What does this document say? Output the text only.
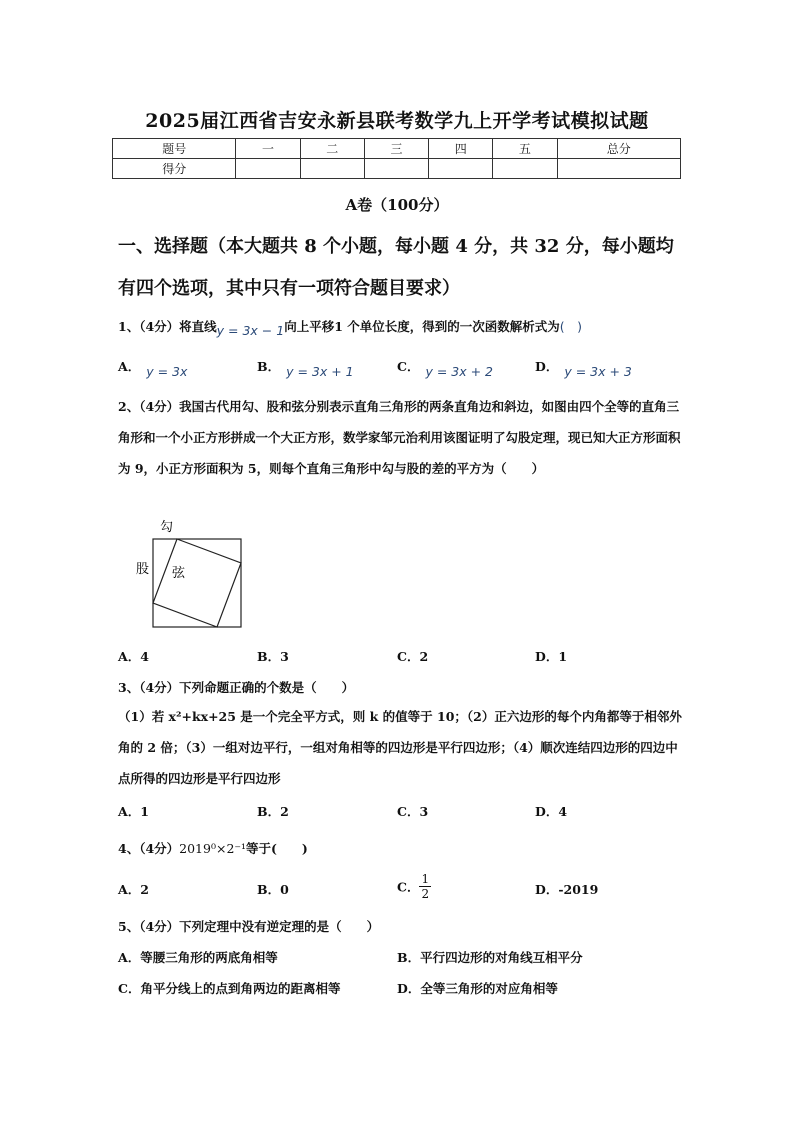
2025届江西省吉安永新县联考数学九上开学考试模拟试题
题号	一	二	三	四	五	总分
得分						
A卷（100分）
一、选择题（本大题共 8 个小题，每小题 4 分，共 32 分，每小题均
有四个选项，其中只有一项符合题目要求）
1、（4分）将直线y = 3x − 1向上平移1 个单位长度，得到的一次函数解析式为(　)
A． y = 3x	B． y = 3x + 1	C． y = 3x + 2	D． y = 3x + 3
2、（4分）我国古代用勾、股和弦分别表示直角三角形的两条直角边和斜边，如图由四个全等的直角三角形和一个小正方形拼成一个大正方形，数学家邹元治利用该图证明了勾股定理，现已知大正方形面积为 9，小正方形面积为 5，则每个直角三角形中勾与股的差的平方为（　　）
勾
股 弦
A．4	B．3	C．2	D．1
3、（4分）下列命题正确的个数是（　　）
（1）若 x²+kx+25 是一个完全平方式，则 k 的值等于 10；（2）正六边形的每个内角都等于相邻外角的 2 倍；（3）一组对边平行，一组对角相等的四边形是平行四边形；（4）顺次连结四边形的四边中点所得的四边形是平行四边形
A．1	B．2	C．3	D．4
4、（4分）2019⁰×2⁻¹等于(　　)
A．2	B．0	C． $\frac{1}{2}$	D．-2019
5、（4分）下列定理中没有逆定理的是（　　）
A．等腰三角形的两底角相等	B．平行四边形的对角线互相平分
C．角平分线上的点到角两边的距离相等	D．全等三角形的对应角相等
